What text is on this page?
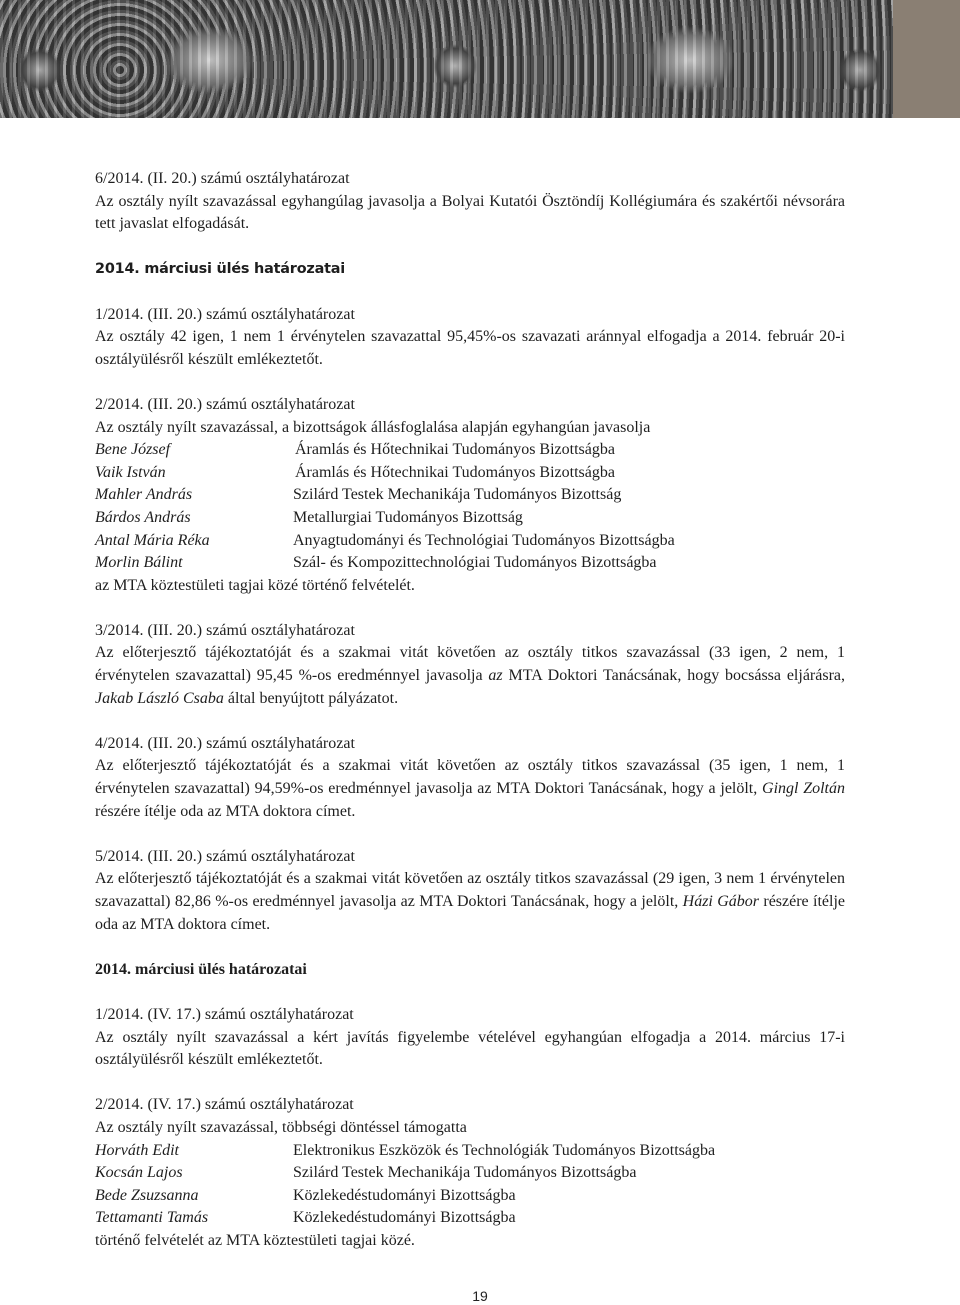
6/2014. (II. 20.) számú osztályhatározat

Az osztály nyílt szavazással egyhangúlag javasolja a Bolyai Kutatói Ösztöndíj Kollégiumára és szakértői névsorára tett javaslat elfogadását.

2014. márciusi ülés határozatai

1/2014. (III. 20.) számú osztályhatározat

Az osztály 42 igen, 1 nem 1 érvénytelen szavazattal 95,45%-os szavazati aránnyal elfogadja a 2014. február 20-i osztályülésről készült emlékeztetőt.

2/2014. (III. 20.) számú osztályhatározat

Az osztály nyílt szavazással, a bizottságok állásfoglalása alapján egyhangúan javasolja

Bene József	Áramlás és Hőtechnikai Tudományos Bizottságba
Vaik István	Áramlás és Hőtechnikai Tudományos Bizottságba
Mahler András	Szilárd Testek Mechanikája Tudományos Bizottság
Bárdos András	Metallurgiai Tudományos Bizottság
Antal Mária Réka	Anyagtudományi és Technológiai Tudományos Bizottságba
Morlin Bálint	Szál- és Kompozittechnológiai Tudományos Bizottságba

az MTA köztestületi tagjai közé történő felvételét.

3/2014. (III. 20.) számú osztályhatározat

Az előterjesztő tájékoztatóját és a szakmai vitát követően az osztály titkos szavazással (33 igen, 2 nem, 1 érvénytelen szavazattal) 95,45 %-os eredménnyel javasolja az MTA Doktori Tanácsának, hogy bocsássa eljárásra, Jakab László Csaba által benyújtott pályázatot.

4/2014. (III. 20.) számú osztályhatározat

Az előterjesztő tájékoztatóját és a szakmai vitát követően az osztály titkos szavazással (35 igen, 1 nem, 1 érvénytelen szavazattal) 94,59%-os eredménnyel javasolja az MTA Doktori Tanácsának, hogy a jelölt, Gingl Zoltán részére ítélje oda az MTA doktora címet.

5/2014. (III. 20.) számú osztályhatározat

Az előterjesztő tájékoztatóját és a szakmai vitát követően az osztály titkos szavazással (29 igen, 3 nem 1 érvénytelen szavazattal) 82,86 %-os eredménnyel javasolja az MTA Doktori Tanácsának, hogy a jelölt, Házi Gábor részére ítélje oda az MTA doktora címet.

2014. márciusi ülés határozatai

1/2014. (IV. 17.) számú osztályhatározat

Az osztály nyílt szavazással a kért javítás figyelembe vételével egyhangúan elfogadja a 2014. március 17-i osztályülésről készült emlékeztetőt.

2/2014. (IV. 17.) számú osztályhatározat

Az osztály nyílt szavazással, többségi döntéssel támogatta

Horváth Edit	Elektronikus Eszközök és Technológiák Tudományos Bizottságba
Kocsán Lajos	Szilárd Testek Mechanikája Tudományos Bizottságba
Bede Zsuzsanna	Közlekedéstudományi Bizottságba
Tettamanti Tamás	Közlekedéstudományi Bizottságba

történő felvételét az MTA köztestületi tagjai közé.

19
